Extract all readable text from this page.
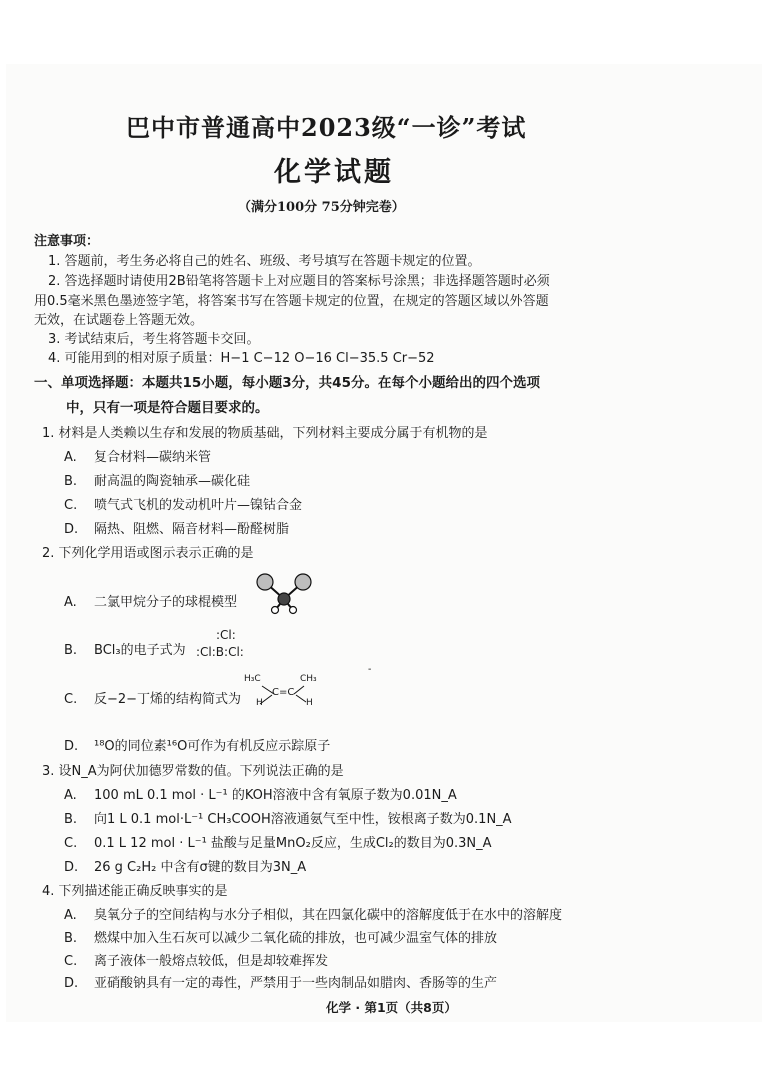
巴中市普通高中2023级“一诊”考试
化学试题
（满分100分 75分钟完卷）
注意事项：
1. 答题前，考生务必将自己的姓名、班级、考号填写在答题卡规定的位置。
2. 答选择题时请使用2B铅笔将答题卡上对应题目的答案标号涂黑；非选择题答题时必须
用0.5毫米黑色墨迹签字笔，将答案书写在答题卡规定的位置，在规定的答题区域以外答题
无效，在试题卷上答题无效。
3. 考试结束后，考生将答题卡交回。
4. 可能用到的相对原子质量：H−1 C−12 O−16 Cl−35.5 Cr−52
一、单项选择题：本题共15小题，每小题3分，共45分。在每个小题给出的四个选项
中，只有一项是符合题目要求的。
1. 材料是人类赖以生存和发展的物质基础，下列材料主要成分属于有机物的是
A. 复合材料—碳纳米管
B. 耐高温的陶瓷轴承—碳化硅
C. 喷气式飞机的发动机叶片—镍钴合金
D. 隔热、阻燃、隔音材料—酚醛树脂
2. 下列化学用语或图示表示正确的是
A. 二氯甲烷分子的球棍模型
B. BCl₃的电子式为
:Cl:
:Cl:B:Cl:
-
C. 反−2−丁烯的结构简式为
H₃C	CH₃
C=C
H	H
D. ¹⁸O的同位素¹⁶O可作为有机反应示踪原子
3. 设N_A为阿伏加德罗常数的值。下列说法正确的是
A. 100 mL 0.1 mol · L⁻¹ 的KOH溶液中含有氧原子数为0.01N_A
B. 向1 L 0.1 mol·L⁻¹ CH₃COOH溶液通氨气至中性，铵根离子数为0.1N_A
C. 0.1 L 12 mol · L⁻¹ 盐酸与足量MnO₂反应，生成Cl₂的数目为0.3N_A
D. 26 g C₂H₂ 中含有σ键的数目为3N_A
4. 下列描述能正确反映事实的是
A. 臭氧分子的空间结构与水分子相似，其在四氯化碳中的溶解度低于在水中的溶解度
B. 燃煤中加入生石灰可以减少二氧化硫的排放，也可减少温室气体的排放
C. 离子液体一般熔点较低，但是却较难挥发
D. 亚硝酸钠具有一定的毒性，严禁用于一些肉制品如腊肉、香肠等的生产
化学 · 第1页（共8页）
